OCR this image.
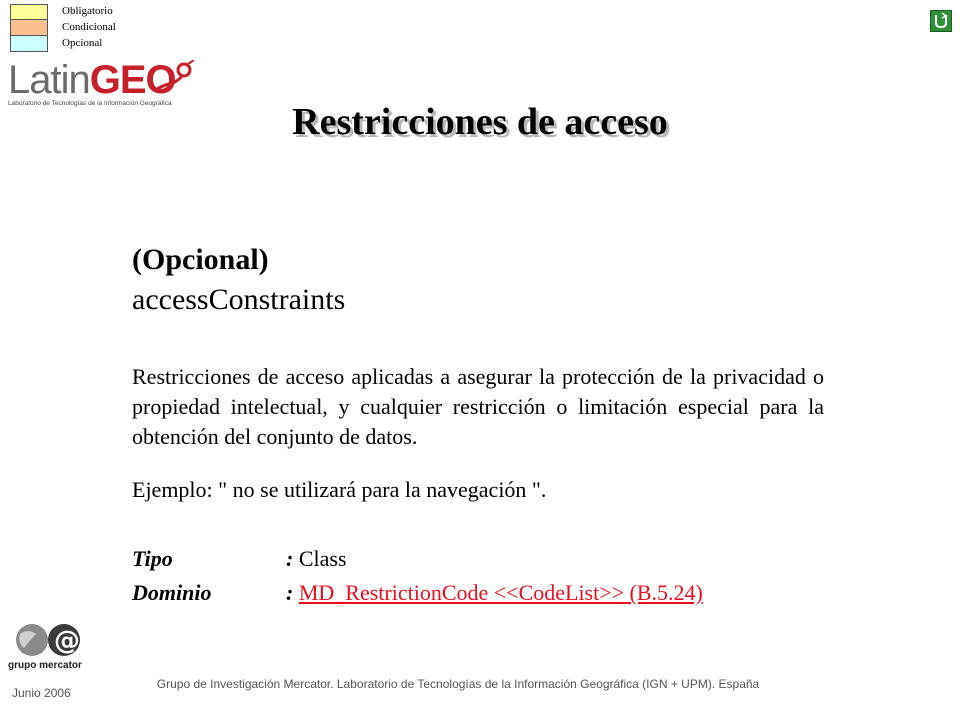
Obligatorio
Condicional
Opcional
LatinGEO
Laboratorio de Tecnologías de la Información Geográfica	Restricciones de acceso
(Opcional)
accessConstraints
Restricciones de acceso aplicadas a asegurar la protección de la privacidad o propiedad intelectual, y cualquier restricción o limitación especial para la obtención del conjunto de datos.
Ejemplo: " no se utilizará para la navegación ".
Tipo	: Class
Dominio	: MD_RestrictionCode <<CodeList>> (B.5.24)
@
grupo mercator
Junio 2006
Grupo de Investigación Mercator. Laboratorio de Tecnologías de la Información Geográfica (IGN + UPM). España
